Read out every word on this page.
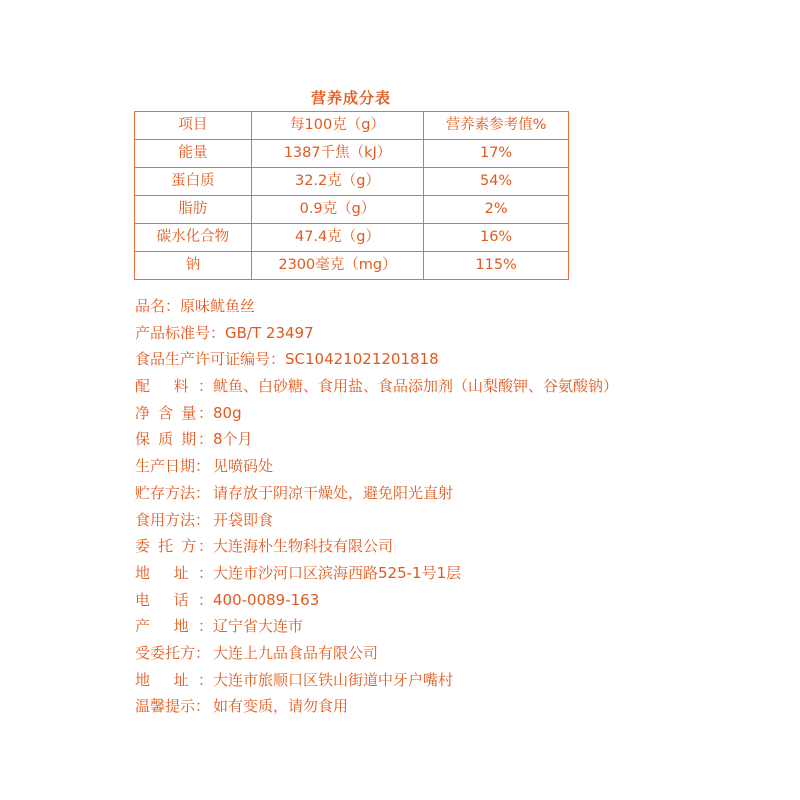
营养成分表
项目	每100克（g）	营养素参考值%
能量	1387千焦（kJ）	17%
蛋白质	32.2克（g）	54%
脂肪	0.9克（g）	2%
碳水化合物	47.4克（g）	16%
钠	2300毫克（mg）	115%
品名：原味鱿鱼丝
产品标准号：GB/T 23497
食品生产许可证编号：SC10421021201818
配 料：鱿鱼、白砂糖、食用盐、食品添加剂（山梨酸钾、谷氨酸钠）
净 含 量：80g
保 质 期：8个月
生产日期： 见喷码处
贮存方法： 请存放于阴凉干燥处，避免阳光直射
食用方法： 开袋即食
委 托 方：大连海朴生物科技有限公司
地 址：大连市沙河口区滨海西路525-1号1层
电 话：400-0089-163
产 地：辽宁省大连市
受委托方： 大连上九品食品有限公司
地 址：大连市旅顺口区铁山街道中牙户嘴村
温馨提示： 如有变质，请勿食用
